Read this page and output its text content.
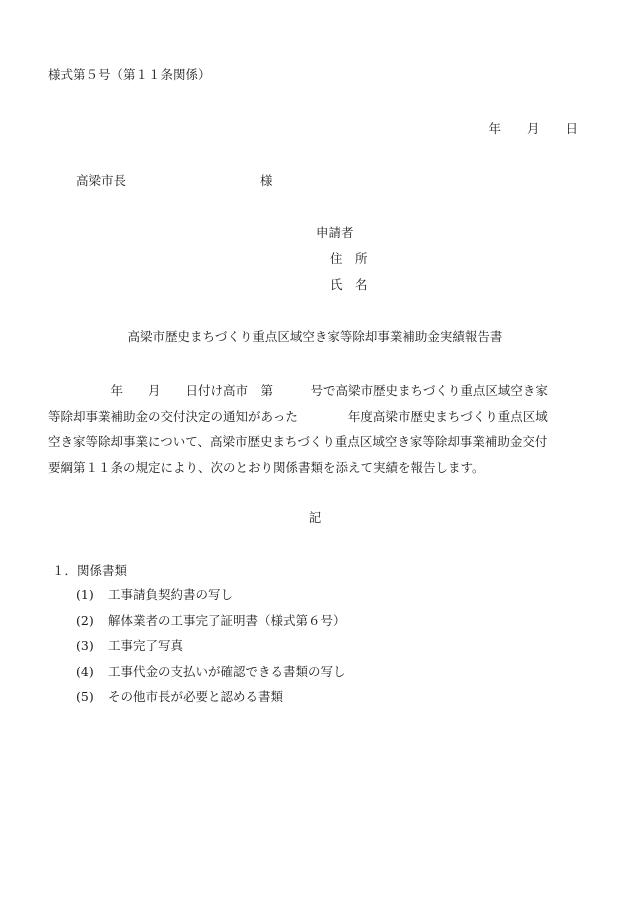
様式第５号（第１１条関係）
年 月 日
高梁市長	様
申請者
住　所
氏　名
高梁市歴史まちづくり重点区域空き家等除却事業補助金実績報告書
　　　　　年　　月　　日付け高市　第　　　号で高梁市歴史まちづくり重点区域空き家
等除却事業補助金の交付決定の通知があった　　　　年度高梁市歴史まちづくり重点区域
空き家等除却事業について、高梁市歴史まちづくり重点区域空き家等除却事業補助金交付
要綱第１１条の規定により、次のとおり関係書類を添えて実績を報告します。
記
１．関係書類
(1) 工事請負契約書の写し
(2) 解体業者の工事完了証明書（様式第６号）
(3) 工事完了写真
(4) 工事代金の支払いが確認できる書類の写し
(5) その他市長が必要と認める書類
